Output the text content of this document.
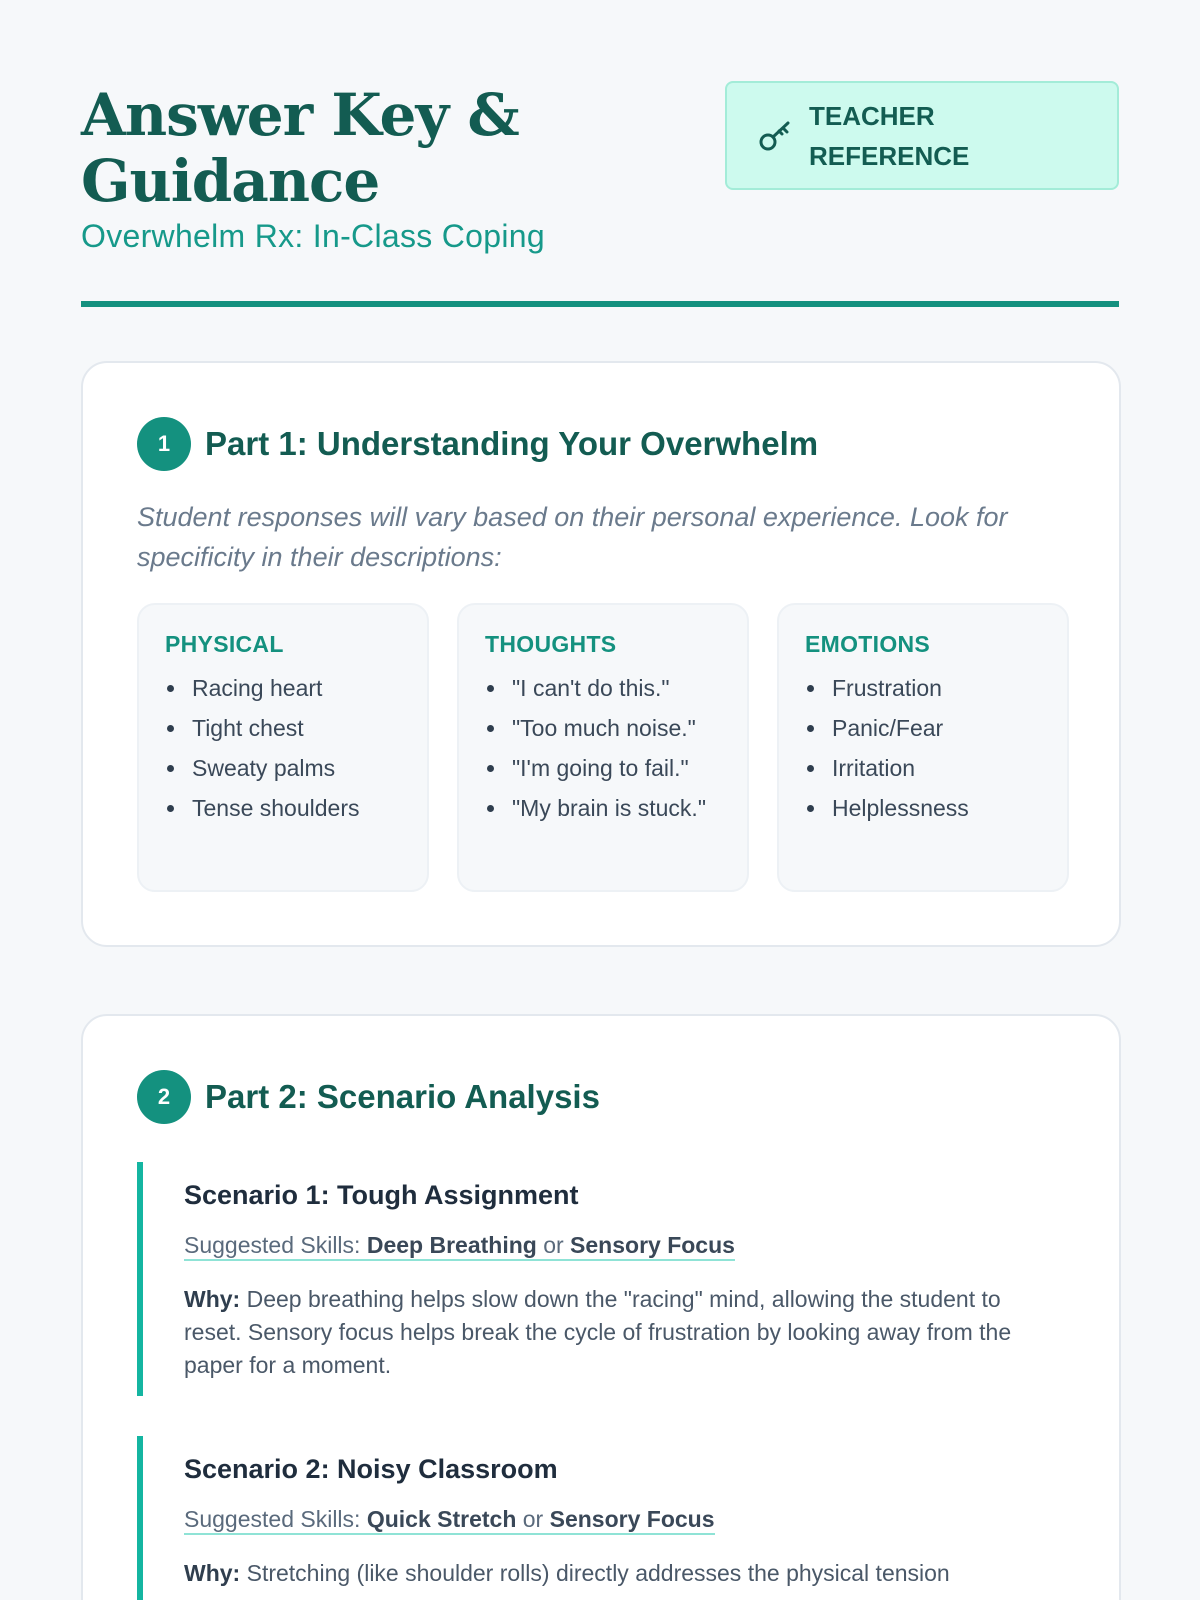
Answer Key & Guidance
Overwhelm Rx: In-Class Coping
TEACHER REFERENCE
1	Part 1: Understanding Your Overwhelm

Student responses will vary based on their personal experience. Look for specificity in their descriptions:

PHYSICAL
Racing heart
Tight chest
Sweaty palms
Tense shoulders
THOUGHTS
"I can't do this."
"Too much noise."
"I'm going to fail."
"My brain is stuck."
EMOTIONS
Frustration
Panic/Fear
Irritation
Helplessness
2	Part 2: Scenario Analysis
Scenario 1: Tough Assignment
Suggested Skills: Deep Breathing or Sensory Focus

Why: Deep breathing helps slow down the "racing" mind, allowing the student to reset. Sensory focus helps break the cycle of frustration by looking away from the paper for a moment.

Scenario 2: Noisy Classroom
Suggested Skills: Quick Stretch or Sensory Focus

Why: Stretching (like shoulder rolls) directly addresses the physical tension
